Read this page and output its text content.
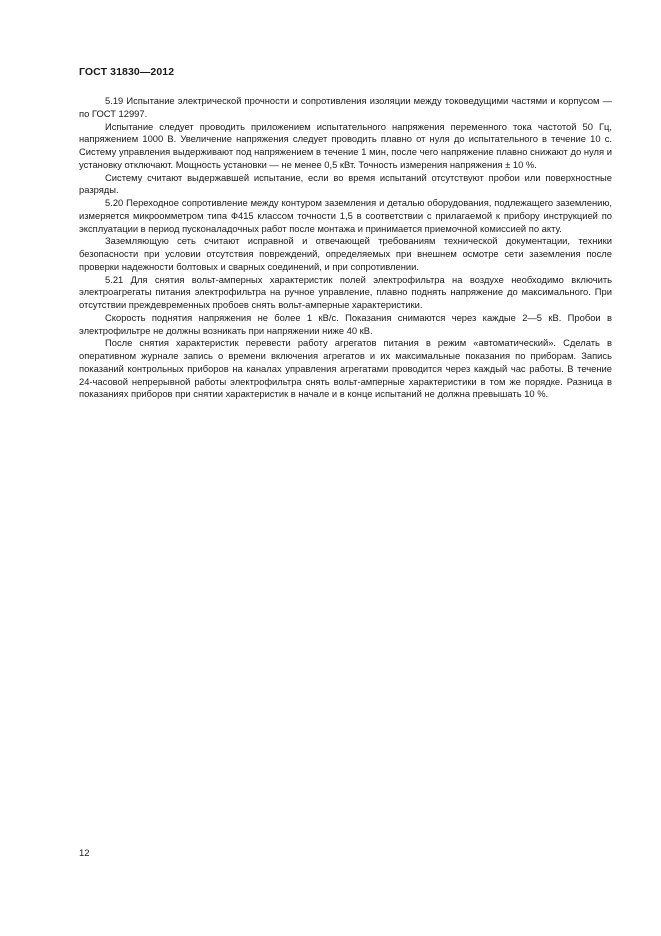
ГОСТ 31830—2012

5.19 Испытание электрической прочности и сопротивления изоляции между токоведущими частями и корпусом — по ГОСТ 12997.

Испытание следует проводить приложением испытательного напряжения переменного тока частотой 50 Гц, напряжением 1000 В. Увеличение напряжения следует проводить плавно от нуля до испытательного в течение 10 с. Систему управления выдерживают под напряжением в течение 1 мин, после чего напряжение плавно снижают до нуля и установку отключают. Мощность установки — не менее 0,5 кВт. Точность измерения напряжения ± 10 %.

Систему считают выдержавшей испытание, если во время испытаний отсутствуют пробои или поверхностные разряды.

5.20 Переходное сопротивление между контуром заземления и деталью оборудования, подлежащего заземлению, измеряется микроомметром типа Ф415 классом точности 1,5 в соответствии с прилагаемой к прибору инструкцией по эксплуатации в период пусконаладочных работ после монтажа и принимается приемочной комиссией по акту.

Заземляющую сеть считают исправной и отвечающей требованиям технической документации, техники безопасности при условии отсутствия повреждений, определяемых при внешнем осмотре сети заземления после проверки надежности болтовых и сварных соединений, и при сопротивлении.

5.21 Для снятия вольт-амперных характеристик полей электрофильтра на воздухе необходимо включить электроагрегаты питания электрофильтра на ручное управление, плавно поднять напряжение до максимального. При отсутствии преждевременных пробоев снять вольт-амперные характеристики.

Скорость поднятия напряжения не более 1 кВ/с. Показания снимаются через каждые 2—5 кВ. Пробои в электрофильтре не должны возникать при напряжении ниже 40 кВ.

После снятия характеристик перевести работу агрегатов питания в режим «автоматический». Сделать в оперативном журнале запись о времени включения агрегатов и их максимальные показания по приборам. Запись показаний контрольных приборов на каналах управления агрегатами проводится через каждый час работы. В течение 24-часовой непрерывной работы электрофильтра снять вольт-амперные характеристики в том же порядке. Разница в показаниях приборов при снятии характеристик в начале и в конце испытаний не должна превышать 10 %.

12
